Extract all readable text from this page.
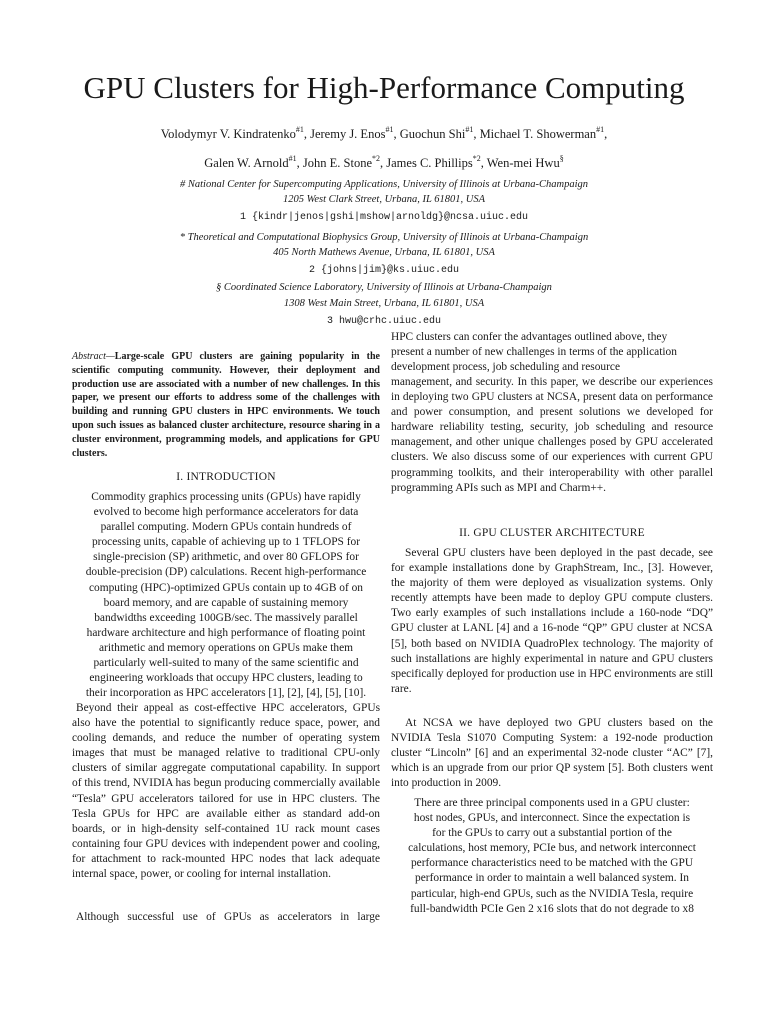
GPU Clusters for High-Performance Computing
Volodymyr V. Kindratenko$^{\#1}$, Jeremy J. Enos$^{\#1}$, Guochun Shi$^{\#1}$, Michael T. Showerman$^{\#1}$,
Galen W. Arnold$^{\#1}$, John E. Stone$^{*2}$, James C. Phillips$^{*2}$, Wen-mei Hwu§
# National Center for Supercomputing Applications, University of Illinois at Urbana-Champaign
1205 West Clark Street, Urbana, IL 61801, USA
1 {kindr|jenos|gshi|mshow|arnoldg}@ncsa.uiuc.edu
* Theoretical and Computational Biophysics Group, University of Illinois at Urbana-Champaign
405 North Mathews Avenue, Urbana, IL 61801, USA
2 {johns|jim}@ks.uiuc.edu
§ Coordinated Science Laboratory, University of Illinois at Urbana-Champaign
1308 West Main Street, Urbana, IL 61801, USA
3 hwu@crhc.uiuc.edu
Abstract—Large-scale GPU clusters are gaining popularity in the scientific computing community. However, their deployment and production use are associated with a number of new challenges. In this paper, we present our efforts to address some of the challenges with building and running GPU clusters in HPC environments. We touch upon such issues as balanced cluster architecture, resource sharing in a cluster environment, programming models, and applications for GPU clusters.
I. INTRODUCTION
Commodity graphics processing units (GPUs) have rapidly
evolved to become high performance accelerators for data
parallel computing. Modern GPUs contain hundreds of
processing units, capable of achieving up to 1 TFLOPS for
single-precision (SP) arithmetic, and over 80 GFLOPS for
double-precision (DP) calculations. Recent high-performance
computing (HPC)-optimized GPUs contain up to 4GB of on
board memory, and are capable of sustaining memory
bandwidths exceeding 100GB/sec. The massively parallel
hardware architecture and high performance of floating point
arithmetic and memory operations on GPUs make them
particularly well-suited to many of the same scientific and
engineering workloads that occupy HPC clusters, leading to
their incorporation as HPC accelerators [1], [2], [4], [5], [10].

Beyond their appeal as cost-effective HPC accelerators, GPUs also have the potential to significantly reduce space, power, and cooling demands, and reduce the number of operating system images that must be managed relative to traditional CPU-only clusters of similar aggregate computational capability. In support of this trend, NVIDIA has begun producing commercially available “Tesla” GPU accelerators tailored for use in HPC clusters. The Tesla GPUs for HPC are available either as standard add-on boards, or in high-density self-contained 1U rack mount cases containing four GPU devices with independent power and cooling, for attachment to rack-mounted HPC nodes that lack adequate internal space, power, or cooling for internal installation.

Although successful use of GPUs as accelerators in large
HPC clusters can confer the advantages outlined above, they
present a number of new challenges in terms of the application
development process, job scheduling and resource

management, and security. In this paper, we describe our experiences in deploying two GPU clusters at NCSA, present data on performance and power consumption, and present solutions we developed for hardware reliability testing, security, job scheduling and resource management, and other unique challenges posed by GPU accelerated clusters. We also discuss some of our experiences with current GPU programming toolkits, and their interoperability with other parallel programming APIs such as MPI and Charm++.

II. GPU CLUSTER ARCHITECTURE

Several GPU clusters have been deployed in the past decade, see for example installations done by GraphStream, Inc., [3]. However, the majority of them were deployed as visualization systems. Only recently attempts have been made to deploy GPU compute clusters. Two early examples of such installations include a 160-node “DQ” GPU cluster at LANL [4] and a 16-node “QP” GPU cluster at NCSA [5], both based on NVIDIA QuadroPlex technology. The majority of such installations are highly experimental in nature and GPU clusters specifically deployed for production use in HPC environments are still rare.

At NCSA we have deployed two GPU clusters based on the NVIDIA Tesla S1070 Computing System: a 192-node production cluster “Lincoln” [6] and an experimental 32-node cluster “AC” [7], which is an upgrade from our prior QP system [5]. Both clusters went into production in 2009.

There are three principal components used in a GPU cluster:
host nodes, GPUs, and interconnect. Since the expectation is
for the GPUs to carry out a substantial portion of the
calculations, host memory, PCIe bus, and network interconnect
performance characteristics need to be matched with the GPU
performance in order to maintain a well balanced system. In
particular, high-end GPUs, such as the NVIDIA Tesla, require
full-bandwidth PCIe Gen 2 x16 slots that do not degrade to x8
